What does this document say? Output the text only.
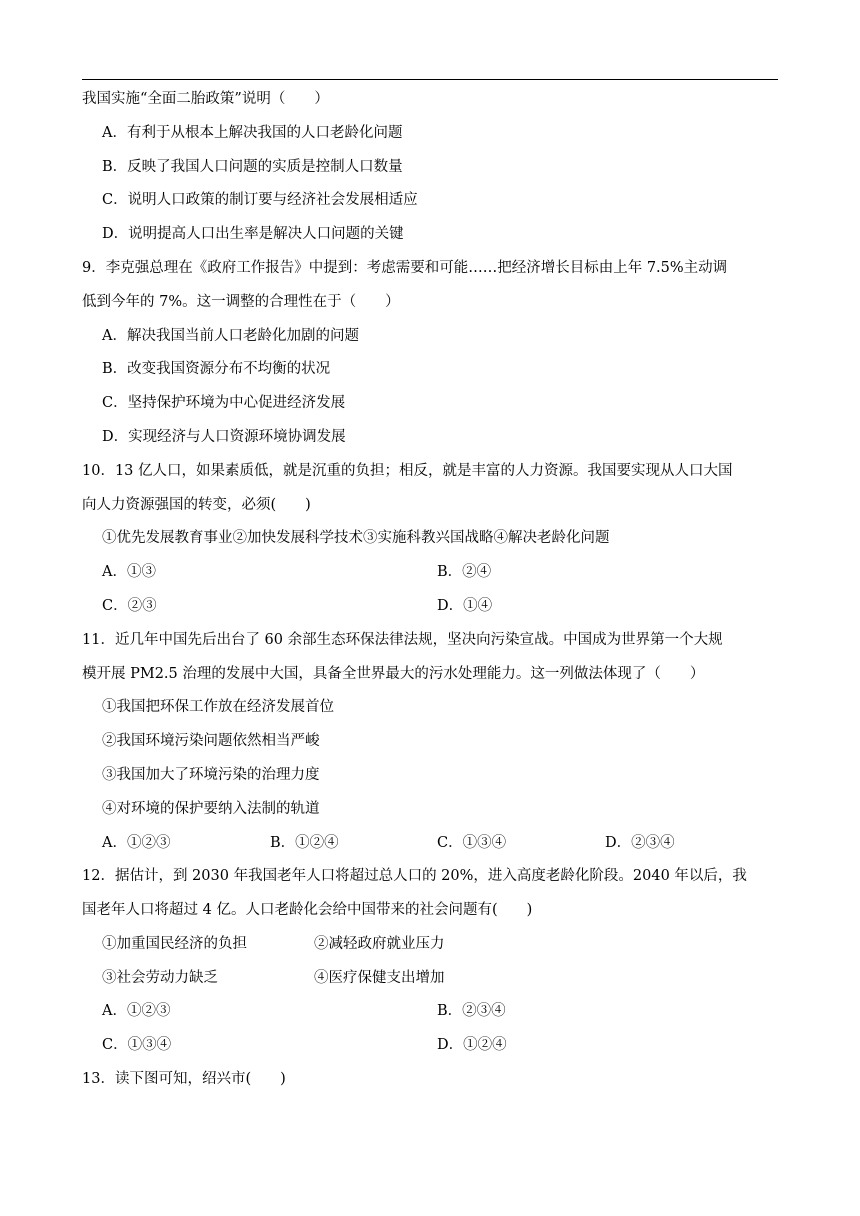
我国实施“全面二胎政策”说明（　　）
A．有利于从根本上解决我国的人口老龄化问题
B．反映了我国人口问题的实质是控制人口数量
C．说明人口政策的制订要与经济社会发展相适应
D．说明提高人口出生率是解决人口问题的关键
9．李克强总理在《政府工作报告》中提到：考虑需要和可能……把经济增长目标由上年 7.5%主动调
低到今年的 7%。这一调整的合理性在于（　　）
A．解决我国当前人口老龄化加剧的问题
B．改变我国资源分布不均衡的状况
C．坚持保护环境为中心促进经济发展
D．实现经济与人口资源环境协调发展
10．13 亿人口，如果素质低，就是沉重的负担；相反，就是丰富的人力资源。我国要实现从人口大国
向人力资源强国的转变，必须(　　)
①优先发展教育事业②加快发展科学技术③实施科教兴国战略④解决老龄化问题
A．①③	B．②④
C．②③	D．①④
11．近几年中国先后出台了 60 余部生态环保法律法规，坚决向污染宣战。中国成为世界第一个大规
模开展 PM2.5 治理的发展中大国，具备全世界最大的污水处理能力。这一列做法体现了（　　）
①我国把环保工作放在经济发展首位
②我国环境污染问题依然相当严峻
③我国加大了环境污染的治理力度
④对环境的保护要纳入法制的轨道
A．①②③	B．①②④	C．①③④	D．②③④
12．据估计，到 2030 年我国老年人口将超过总人口的 20%，进入高度老龄化阶段。2040 年以后，我
国老年人口将超过 4 亿。人口老龄化会给中国带来的社会问题有(　　)
①加重国民经济的负担	②减轻政府就业压力
③社会劳动力缺乏	④医疗保健支出增加
A．①②③	B．②③④
C．①③④	D．①②④
13．读下图可知，绍兴市(　　)
